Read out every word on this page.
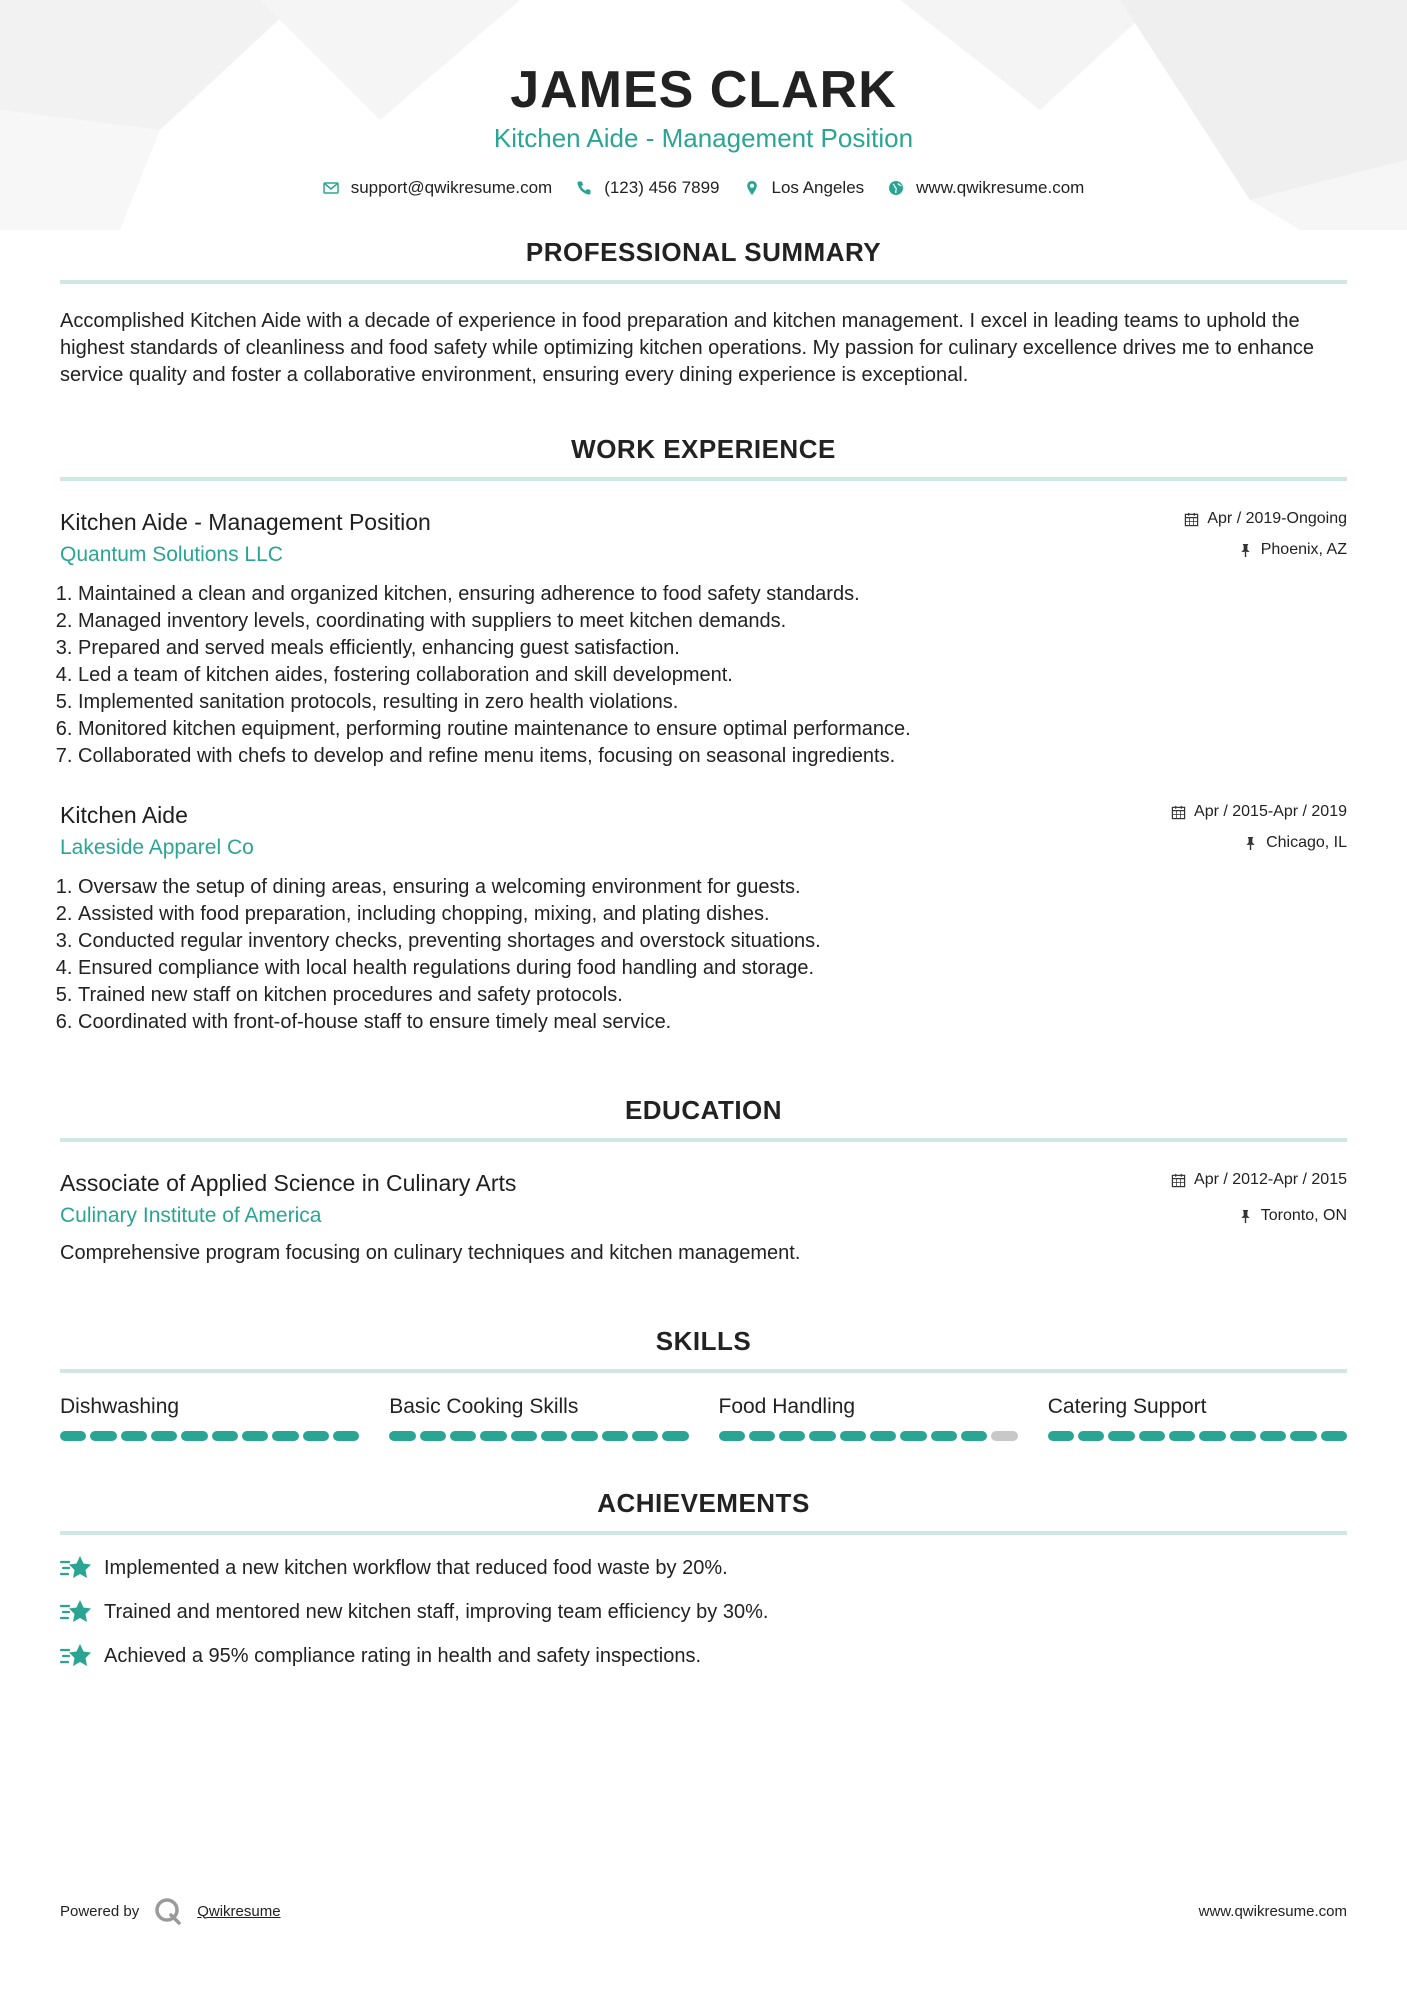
JAMES CLARK
Kitchen Aide - Management Position
support@qwikresume.com	(123) 456 7899	Los Angeles	www.qwikresume.com
PROFESSIONAL SUMMARY
Accomplished Kitchen Aide with a decade of experience in food preparation and kitchen management. I excel in leading teams to uphold the highest standards of cleanliness and food safety while optimizing kitchen operations. My passion for culinary excellence drives me to enhance service quality and foster a collaborative environment, ensuring every dining experience is exceptional.
WORK EXPERIENCE
Kitchen Aide - Management Position
Quantum Solutions LLC
Apr / 2019-Ongoing
Phoenix, AZ
1. Maintained a clean and organized kitchen, ensuring adherence to food safety standards.
2. Managed inventory levels, coordinating with suppliers to meet kitchen demands.
3. Prepared and served meals efficiently, enhancing guest satisfaction.
4. Led a team of kitchen aides, fostering collaboration and skill development.
5. Implemented sanitation protocols, resulting in zero health violations.
6. Monitored kitchen equipment, performing routine maintenance to ensure optimal performance.
7. Collaborated with chefs to develop and refine menu items, focusing on seasonal ingredients.
Kitchen Aide
Lakeside Apparel Co
Apr / 2015-Apr / 2019
Chicago, IL
1. Oversaw the setup of dining areas, ensuring a welcoming environment for guests.
2. Assisted with food preparation, including chopping, mixing, and plating dishes.
3. Conducted regular inventory checks, preventing shortages and overstock situations.
4. Ensured compliance with local health regulations during food handling and storage.
5. Trained new staff on kitchen procedures and safety protocols.
6. Coordinated with front-of-house staff to ensure timely meal service.
EDUCATION
Associate of Applied Science in Culinary Arts
Culinary Institute of America
Apr / 2012-Apr / 2015
Toronto, ON
Comprehensive program focusing on culinary techniques and kitchen management.
SKILLS
Dishwashing	Basic Cooking Skills	Food Handling	Catering Support
ACHIEVEMENTS
Implemented a new kitchen workflow that reduced food waste by 20%.
Trained and mentored new kitchen staff, improving team efficiency by 30%.
Achieved a 95% compliance rating in health and safety inspections.
Powered by	Qwikresume	www.qwikresume.com
